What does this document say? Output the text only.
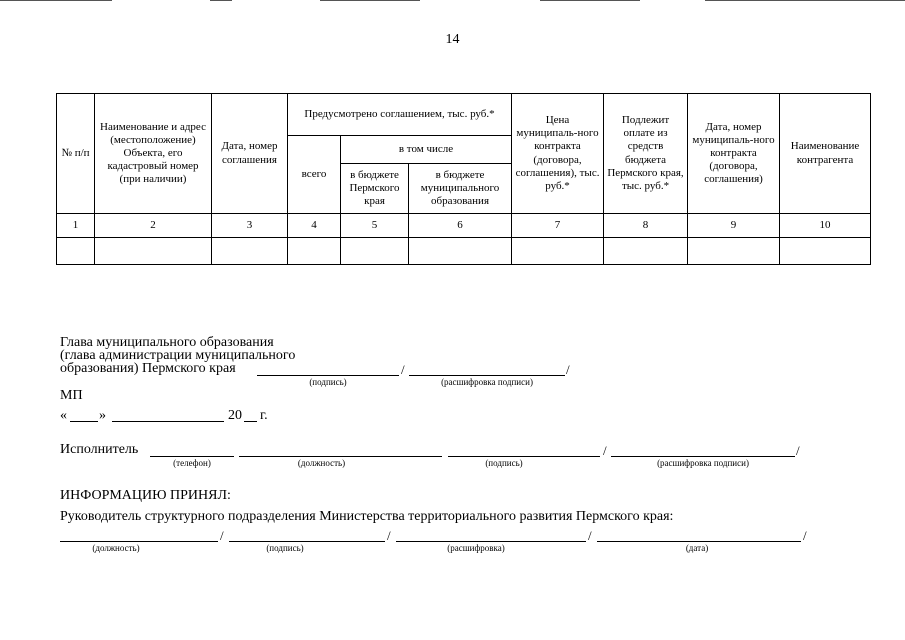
14
№ п/п	Наименование и адрес (местоположение) Объекта, его кадастровый номер (при наличии)	Дата, номер соглашения	Предусмотрено соглашением, тыс. руб.*			Цена муниципаль-ного контракта (договора, соглашения), тыс. руб.*	Подлежит оплате из средств бюджета Пермского края, тыс. руб.*	Дата, номер муниципаль-ного контракта (договора, соглашения)	Наименование контрагента
			всего	в том числе					
				в бюджете Пермского края	в бюджете муниципального образования				
1	2	3	4	5	6	7	8	9	10

Глава муниципального образования
(глава администрации муниципального
образования) Пермского края	/	/
(подпись)	(расшифровка подписи)
МП
« »	20 г.
Исполнитель	/	/
(телефон)	(должность)	(подпись)	(расшифровка подписи)
ИНФОРМАЦИЮ ПРИНЯЛ:
Руководитель структурного подразделения Министерства территориального развития Пермского края:
/	/	/	/
(должность)	(подпись)	(расшифровка)	(дата)
